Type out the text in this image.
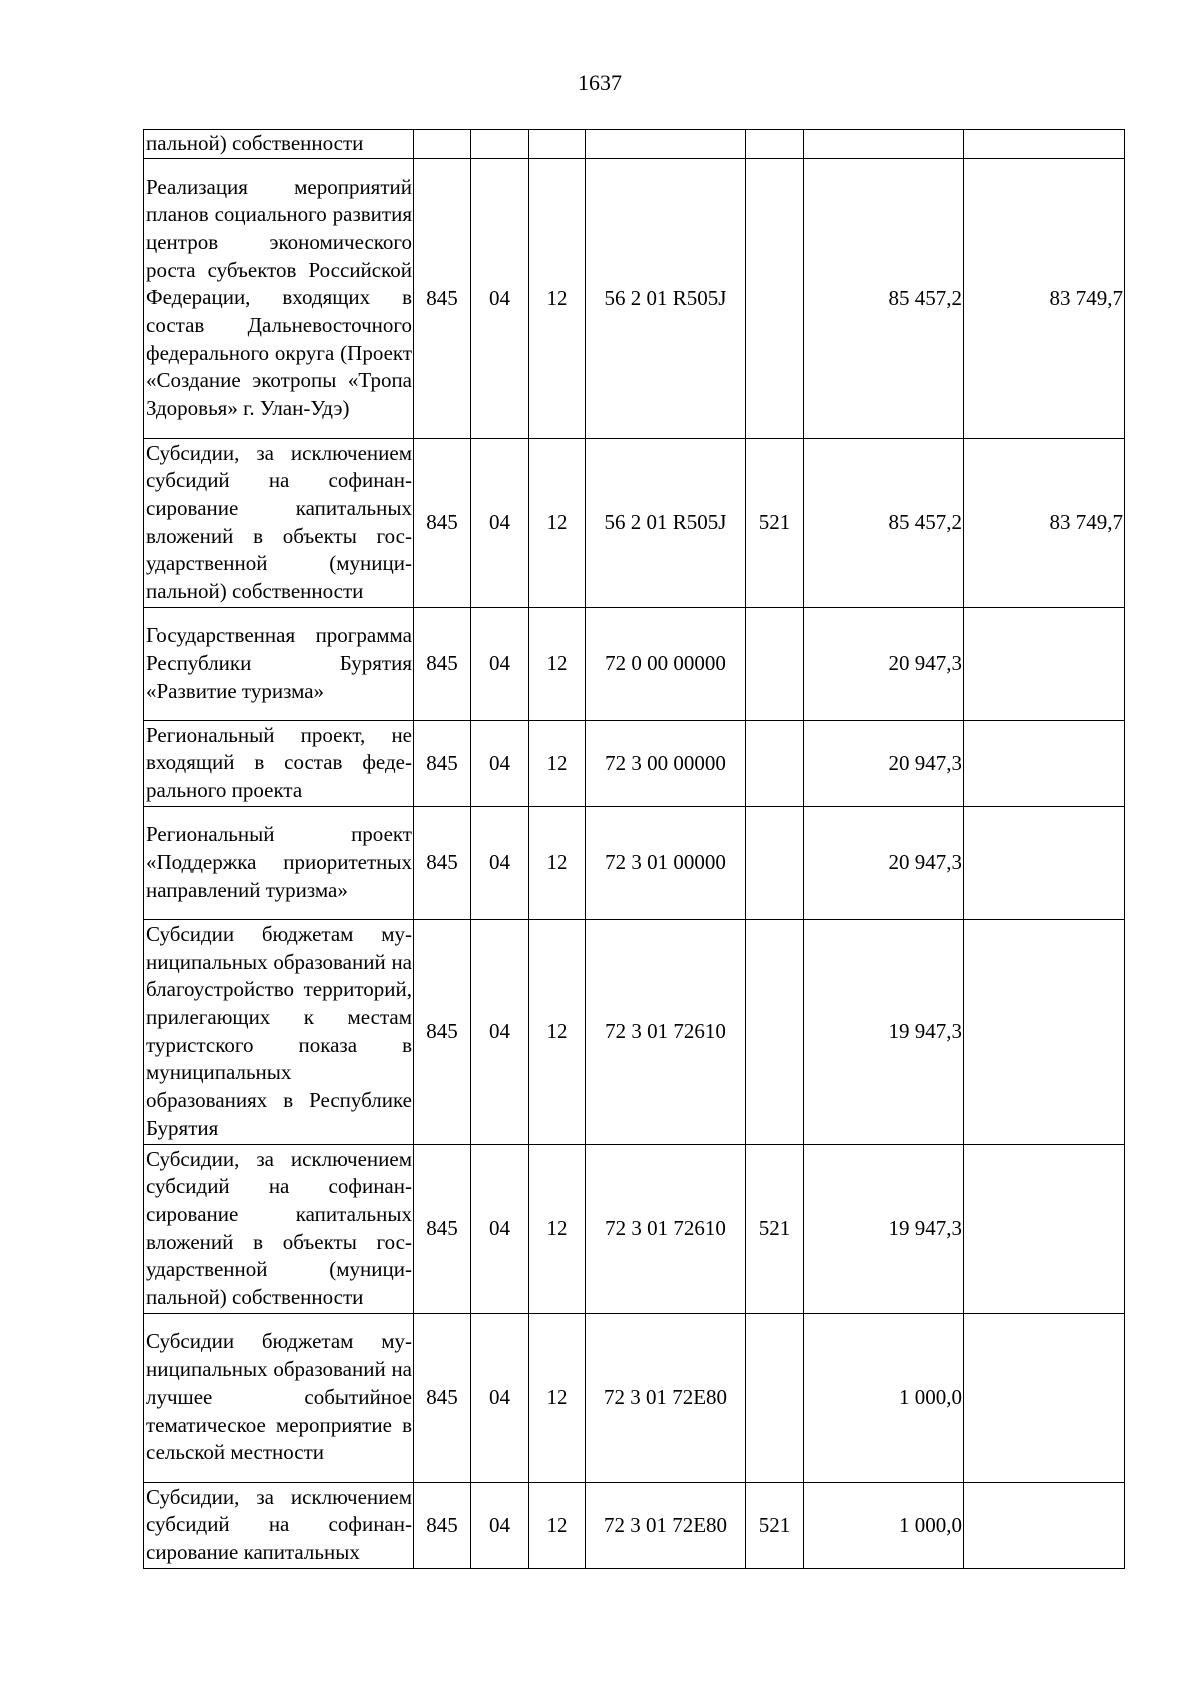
1637
пальной) собственности							
Реализация мероприятий планов социального развития центров экономического роста субъектов Российской Федерации, входящих в состав Дальневосточного федерального округа (Проект «Создание экотропы «Тропа Здоровья» г. Улан-Удэ)	845	04	12	56 2 01 R505J		85 457,2	83 749,7
Субсидии, за исключением субсидий на софинансирование капитальных вложений в объекты государственной (муниципальной) собственности	845	04	12	56 2 01 R505J	521	85 457,2	83 749,7
Государственная программа Республики Бурятия «Развитие туризма»	845	04	12	72 0 00 00000		20 947,3	
Региональный проект, не входящий в состав федерального проекта	845	04	12	72 3 00 00000		20 947,3	
Региональный проект «Поддержка приоритетных направлений туризма»	845	04	12	72 3 01 00000		20 947,3	
Субсидии бюджетам муниципальных образований на благоустройство территорий, прилегающих к местам туристского показа в муниципальных образованиях в Республике Бурятия	845	04	12	72 3 01 72610		19 947,3	
Субсидии, за исключением субсидий на софинансирование капитальных вложений в объекты государственной (муниципальной) собственности	845	04	12	72 3 01 72610	521	19 947,3	
Субсидии бюджетам муниципальных образований на лучшее событийное тематическое мероприятие в сельской местности	845	04	12	72 3 01 72Е80		1 000,0	
Субсидии, за исключением субсидий на софинансирование капитальных	845	04	12	72 3 01 72Е80	521	1 000,0	
